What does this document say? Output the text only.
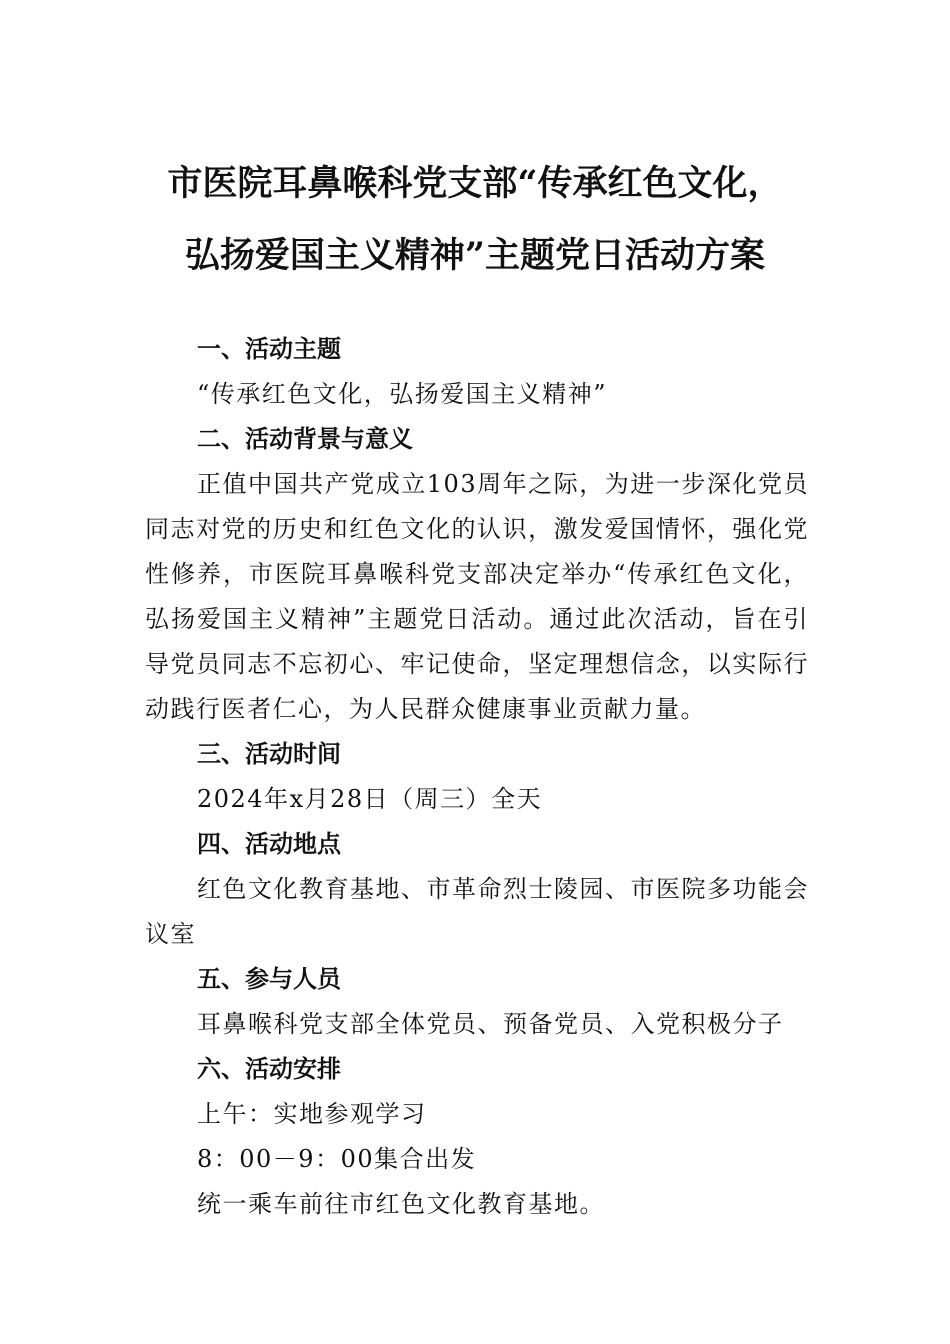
市医院耳鼻喉科党支部“传承红色文化，
弘扬爱国主义精神”主题党日活动方案
一、活动主题
“传承红色文化，弘扬爱国主义精神”
二、活动背景与意义

正值中国共产党成立103周年之际，为进一步深化党员同志对党的历史和红色文化的认识，激发爱国情怀，强化党性修养，市医院耳鼻喉科党支部决定举办“传承红色文化，弘扬爱国主义精神”主题党日活动。通过此次活动，旨在引导党员同志不忘初心、牢记使命，坚定理想信念，以实际行动践行医者仁心，为人民群众健康事业贡献力量。

三、活动时间
2024年x月28日（周三）全天
四、活动地点

红色文化教育基地、市革命烈士陵园、市医院多功能会议室

五、参与人员
耳鼻喉科党支部全体党员、预备党员、入党积极分子
六、活动安排
上午：实地参观学习
8：00－9：00集合出发
统一乘车前往市红色文化教育基地。
